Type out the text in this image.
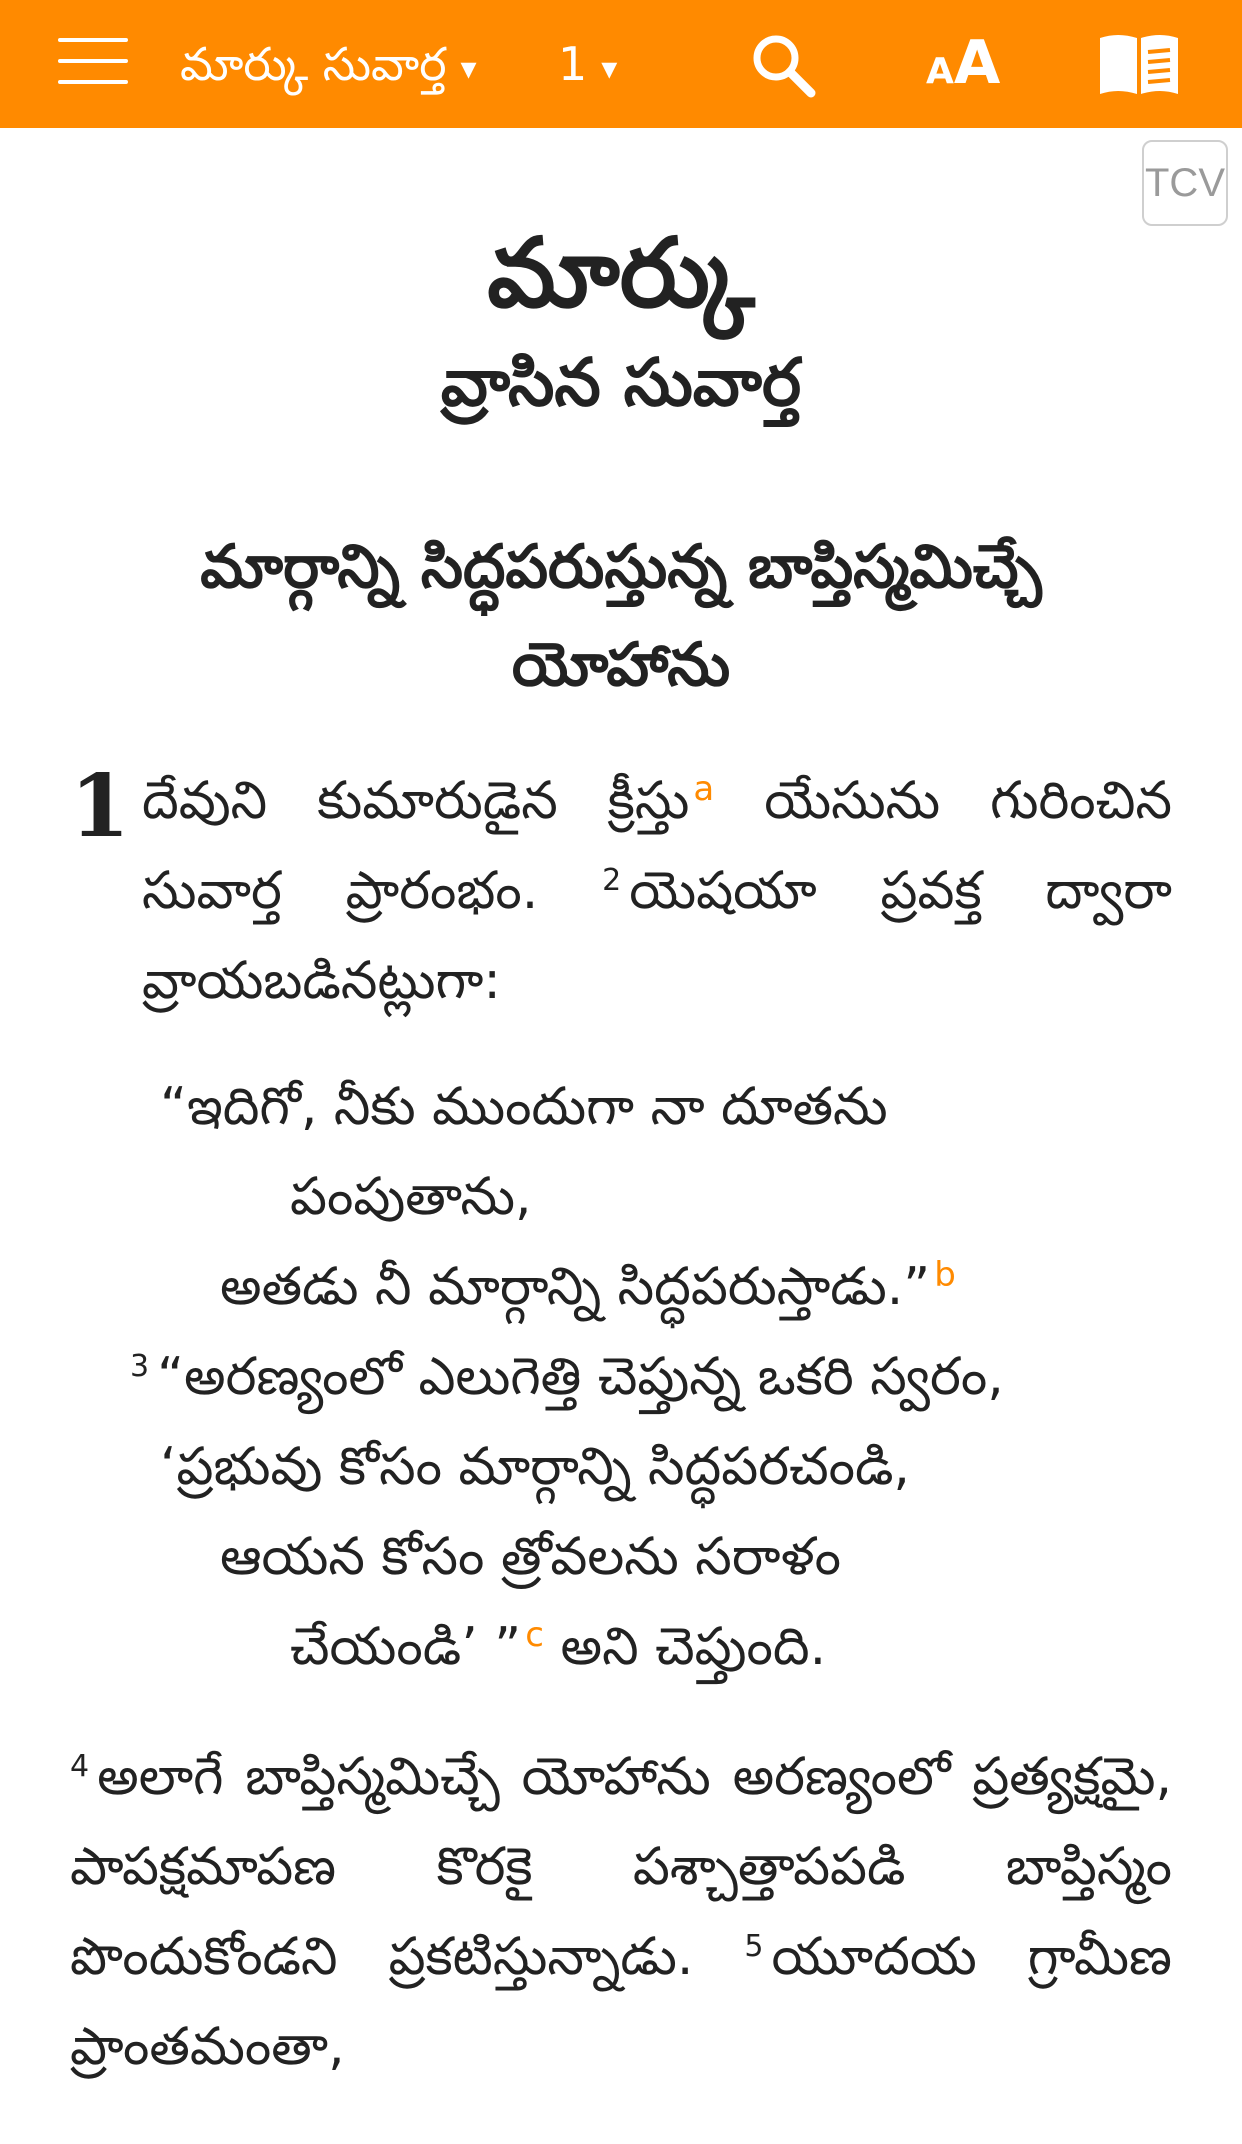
మార్కు సువార్త ▾ 1 ▾	AA
TCV
మార్కు
వ్రాసిన సువార్త
మార్గాన్ని సిద్ధపరుస్తున్న బాప్తిస్మమిచ్చే యోహాను
1 దేవుని కుమారుడైన క్రీస్తు $^a$ యేసును గురించిన సువార్త ప్రారంభం. $^2$ యెషయా ప్రవక్త ద్వారా వ్రాయబడినట్లుగా:
“ఇదిగో, నీకు ముందుగా నా దూతను
పంపుతాను,
అతడు నీ మార్గాన్ని సిద్ధపరుస్తాడు.” $^b$
$^3$ “అరణ్యంలో ఎలుగెత్తి చెప్తున్న ఒకరి స్వరం,
‘ప్రభువు కోసం మార్గాన్ని సిద్ధపరచండి,
ఆయన కోసం త్రోవలను సరాళం
చేయండి’ ” $^c$ అని చెప్తుంది.
$^4$ అలాగే బాప్తిస్మమిచ్చే యోహాను అరణ్యంలో ప్రత్యక్షమై, పాపక్షమాపణ కొరకై పశ్చాత్తాపపడి బాప్తిస్మం పొందుకోండని ప్రకటిస్తున్నాడు. $^5$ యూదయ గ్రామీణ ప్రాంతమంతా,
